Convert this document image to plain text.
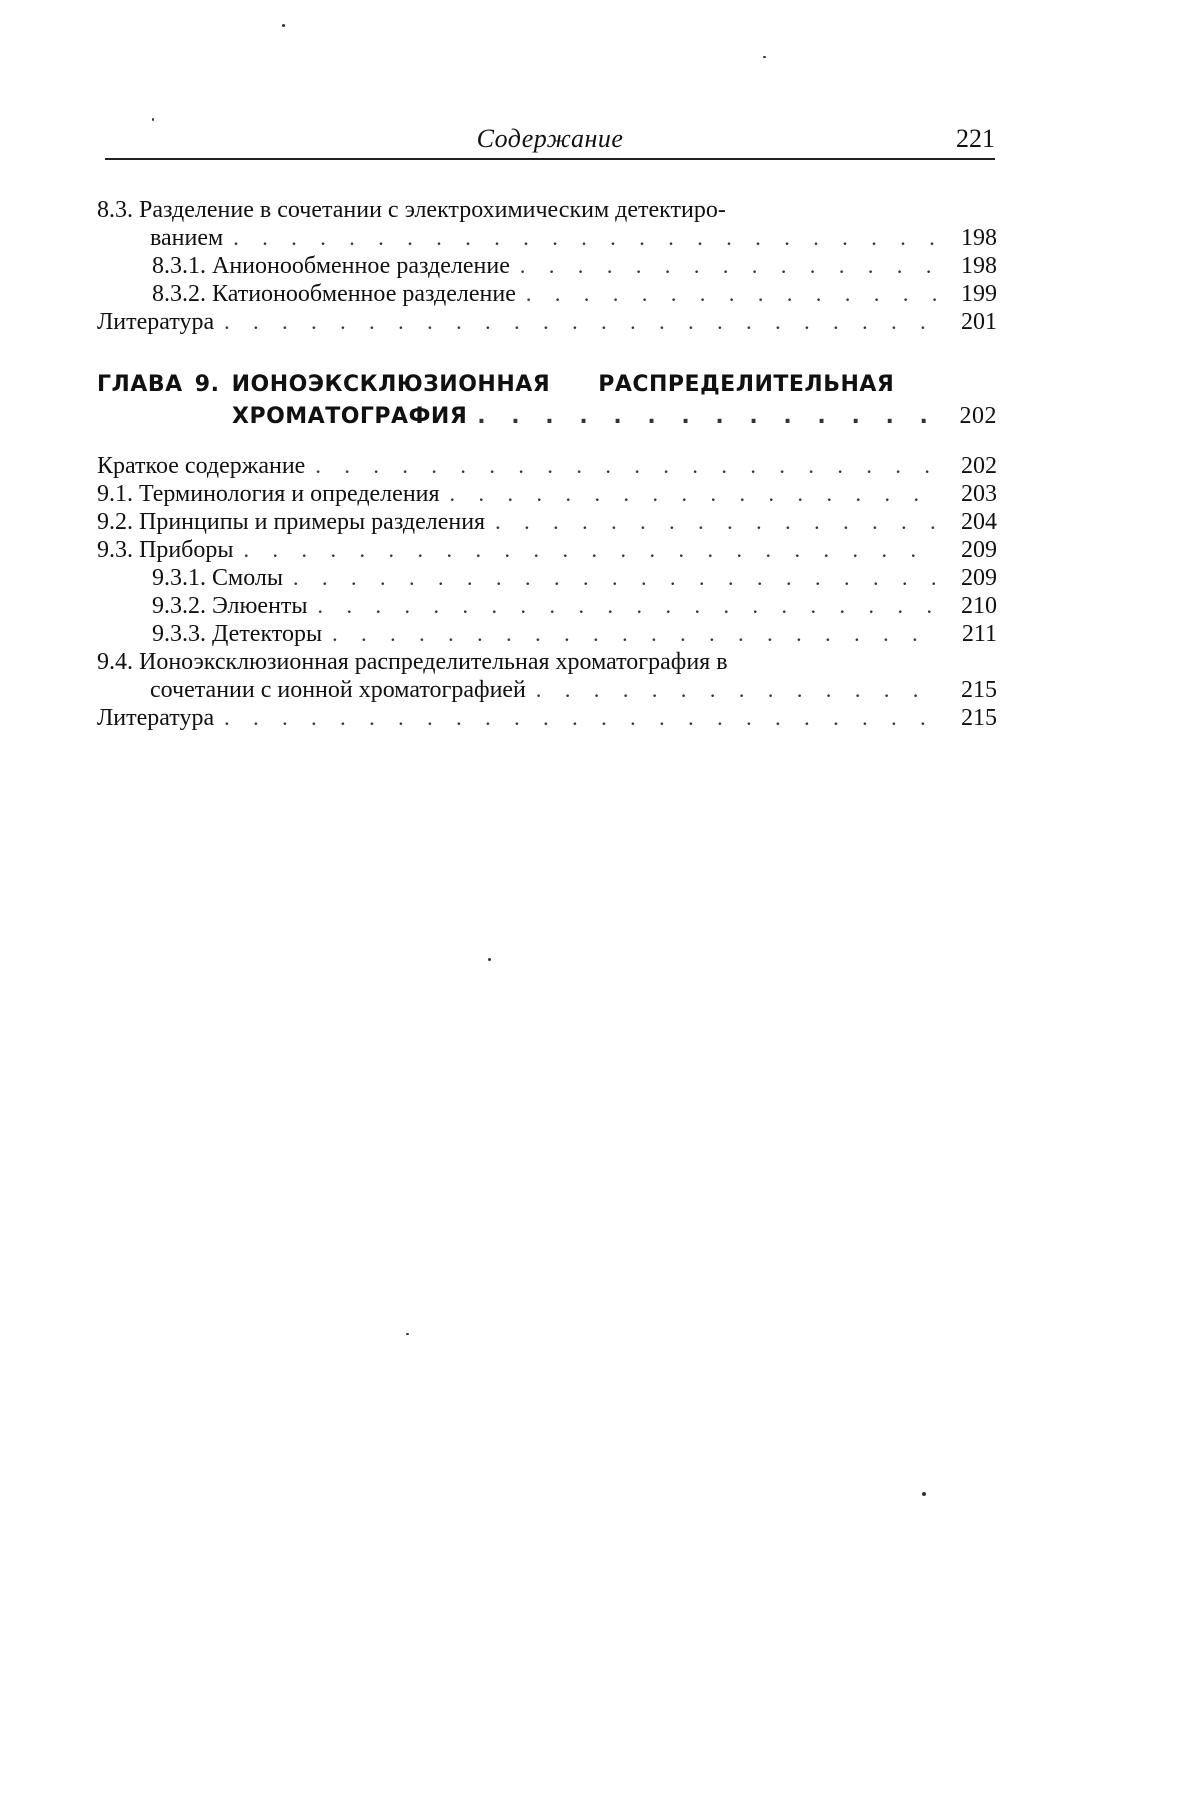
Содержание	221
8.3. Разделение в сочетании с электрохимическим детектиро-
ванием . . .	198
8.3.1. Анионообменное разделение . . .	198
8.3.2. Катионообменное разделение . . .	199
Литература . . .	201
ГЛАВА 9. ИОНОЭКСКЛЮЗИОННАЯ РАСПРЕДЕЛИТЕЛЬНАЯ
ХРОМАТОГРАФИЯ . . .	202
Краткое содержание . . .	202
9.1. Терминология и определения . . .	203
9.2. Принципы и примеры разделения . . .	204
9.3. Приборы . . .	209
9.3.1. Смолы . . .	209
9.3.2. Элюенты . . .	210
9.3.3. Детекторы . . .	211
9.4. Ионоэксклюзионная распределительная хроматография в
сочетании с ионной хроматографией . . .	215
Литература . . .	215
